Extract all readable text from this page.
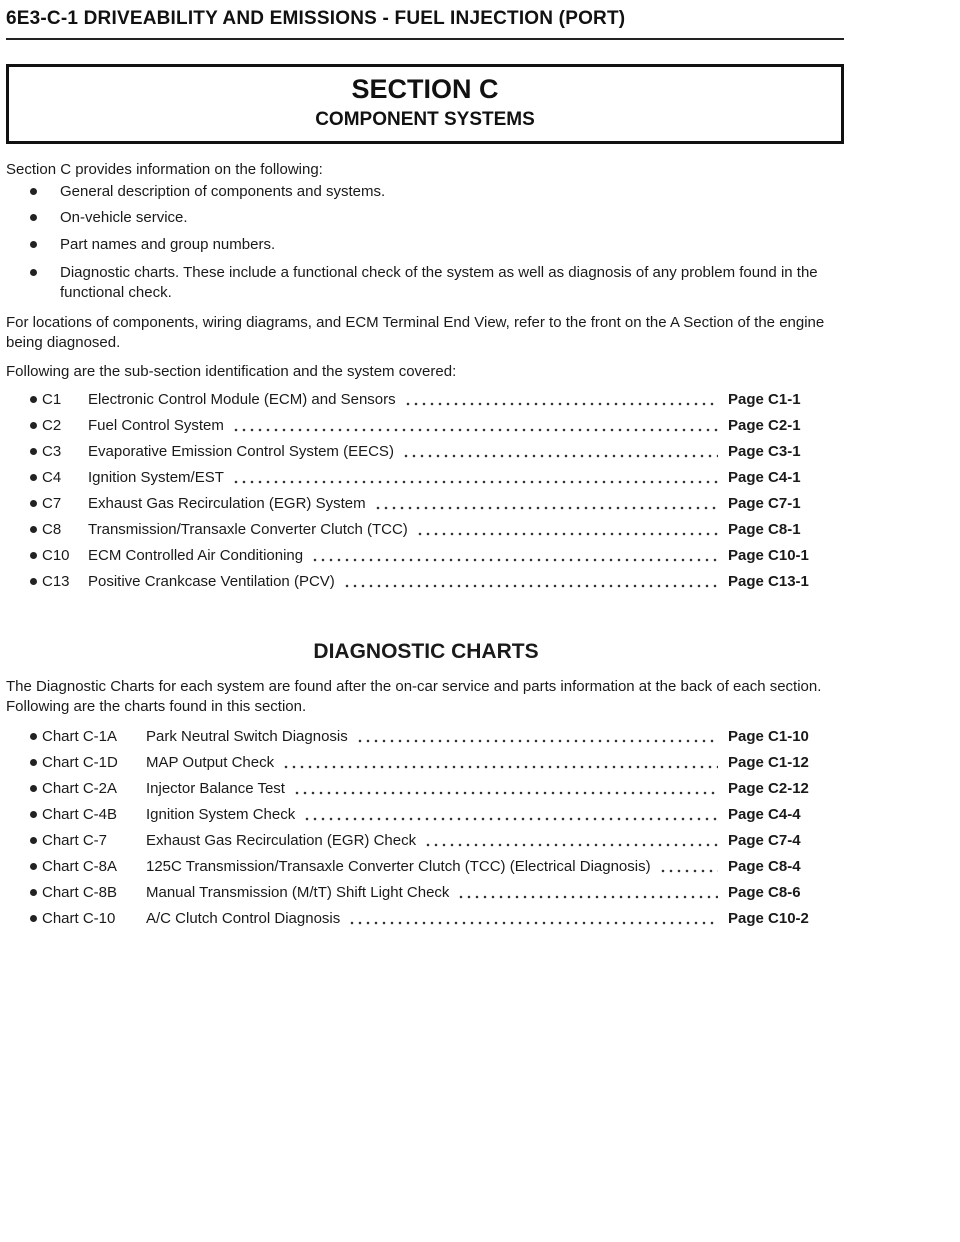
6E3-C-1 DRIVEABILITY AND EMISSIONS - FUEL INJECTION (PORT)
SECTION C
COMPONENT SYSTEMS
Section C provides information on the following:
General description of components and systems.
On-vehicle service.
Part names and group numbers.
Diagnostic charts. These include a functional check of the system as well as diagnosis of any problem found in the functional check.
For locations of components, wiring diagrams, and ECM Terminal End View, refer to the front on the A Section of the engine being diagnosed.
Following are the sub-section identification and the system covered:
C1 Electronic Control Module (ECM) and Sensors	Page C1-1
C2 Fuel Control System	Page C2-1
C3 Evaporative Emission Control System (EECS)	Page C3-1
C4 Ignition System/EST	Page C4-1
C7 Exhaust Gas Recirculation (EGR) System	Page C7-1
C8 Transmission/Transaxle Converter Clutch (TCC)	Page C8-1
C10 ECM Controlled Air Conditioning	Page C10-1
C13 Positive Crankcase Ventilation (PCV)	Page C13-1
DIAGNOSTIC CHARTS
The Diagnostic Charts for each system are found after the on-car service and parts information at the back of each section. Following are the charts found in this section.
Chart C-1A Park Neutral Switch Diagnosis	Page C1-10
Chart C-1D MAP Output Check	Page C1-12
Chart C-2A Injector Balance Test	Page C2-12
Chart C-4B Ignition System Check	Page C4-4
Chart C-7	Exhaust Gas Recirculation (EGR) Check	Page C7-4
Chart C-8A 125C Transmission/Transaxle Converter Clutch (TCC) (Electrical Diagnosis)	Page C8-4
Chart C-8B Manual Transmission (M/tT) Shift Light Check	Page C8-6
Chart C-10 A/C Clutch Control Diagnosis	Page C10-2
